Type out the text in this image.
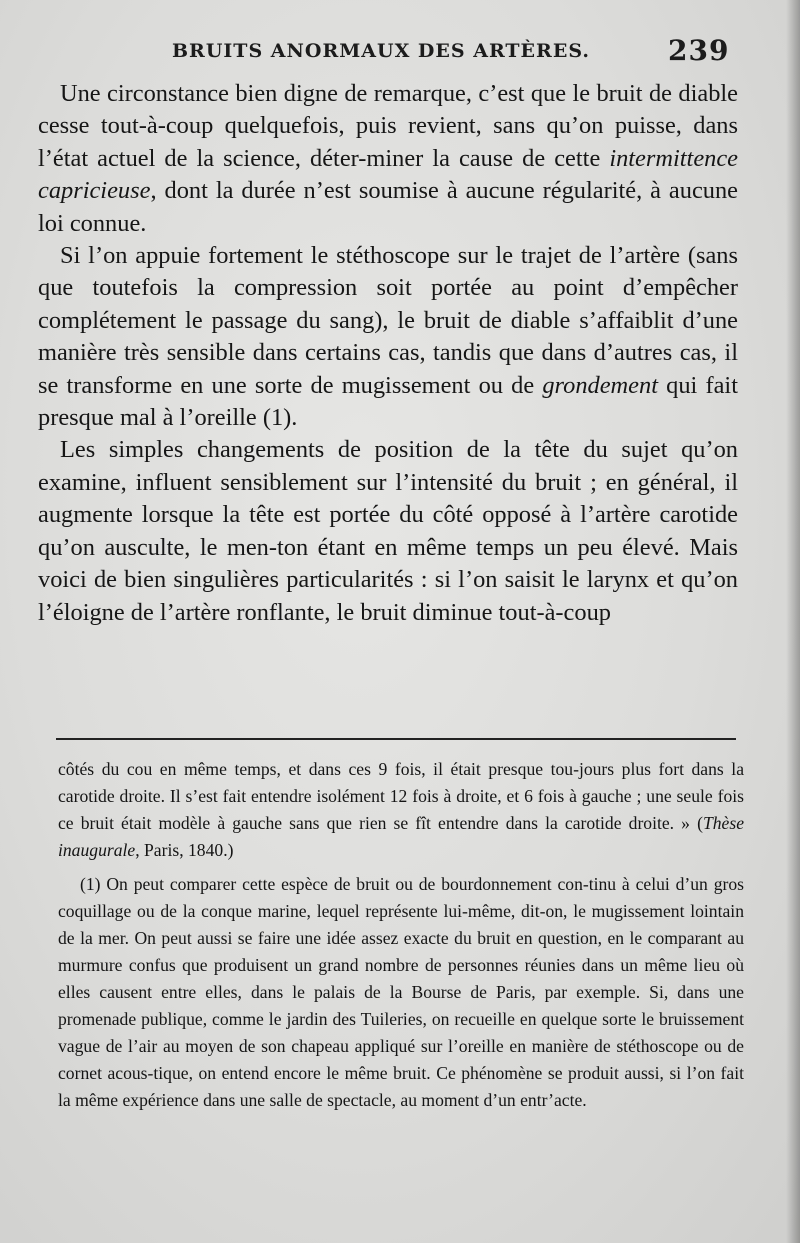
BRUITS ANORMAUX DES ARTÈRES.	239

Une circonstance bien digne de remarque, c’est que le bruit de diable cesse tout-à-coup quelquefois, puis revient, sans qu’on puisse, dans l’état actuel de la science, déter-miner la cause de cette intermittence capricieuse, dont la durée n’est soumise à aucune régularité, à aucune loi connue.

Si l’on appuie fortement le stéthoscope sur le trajet de l’artère (sans que toutefois la compression soit portée au point d’empêcher complétement le passage du sang), le bruit de diable s’affaiblit d’une manière très sensible dans certains cas, tandis que dans d’autres cas, il se transforme en une sorte de mugissement ou de grondement qui fait presque mal à l’oreille (1).

Les simples changements de position de la tête du sujet qu’on examine, influent sensiblement sur l’intensité du bruit ; en général, il augmente lorsque la tête est portée du côté opposé à l’artère carotide qu’on ausculte, le men-ton étant en même temps un peu élevé. Mais voici de bien singulières particularités : si l’on saisit le larynx et qu’on l’éloigne de l’artère ronflante, le bruit diminue tout-à-coup

côtés du cou en même temps, et dans ces 9 fois, il était presque tou-jours plus fort dans la carotide droite. Il s’est fait entendre isolément 12 fois à droite, et 6 fois à gauche ; une seule fois ce bruit était modèle à gauche sans que rien se fît entendre dans la carotide droite. » (Thèse inaugurale, Paris, 1840.)

(1) On peut comparer cette espèce de bruit ou de bourdonnement con-tinu à celui d’un gros coquillage ou de la conque marine, lequel représente lui-même, dit-on, le mugissement lointain de la mer. On peut aussi se faire une idée assez exacte du bruit en question, en le comparant au murmure confus que produisent un grand nombre de personnes réunies dans un même lieu où elles causent entre elles, dans le palais de la Bourse de Paris, par exemple. Si, dans une promenade publique, comme le jardin des Tuileries, on recueille en quelque sorte le bruissement vague de l’air au moyen de son chapeau appliqué sur l’oreille en manière de stéthoscope ou de cornet acous-tique, on entend encore le même bruit. Ce phénomène se produit aussi, si l’on fait la même expérience dans une salle de spectacle, au moment d’un entr’acte.
